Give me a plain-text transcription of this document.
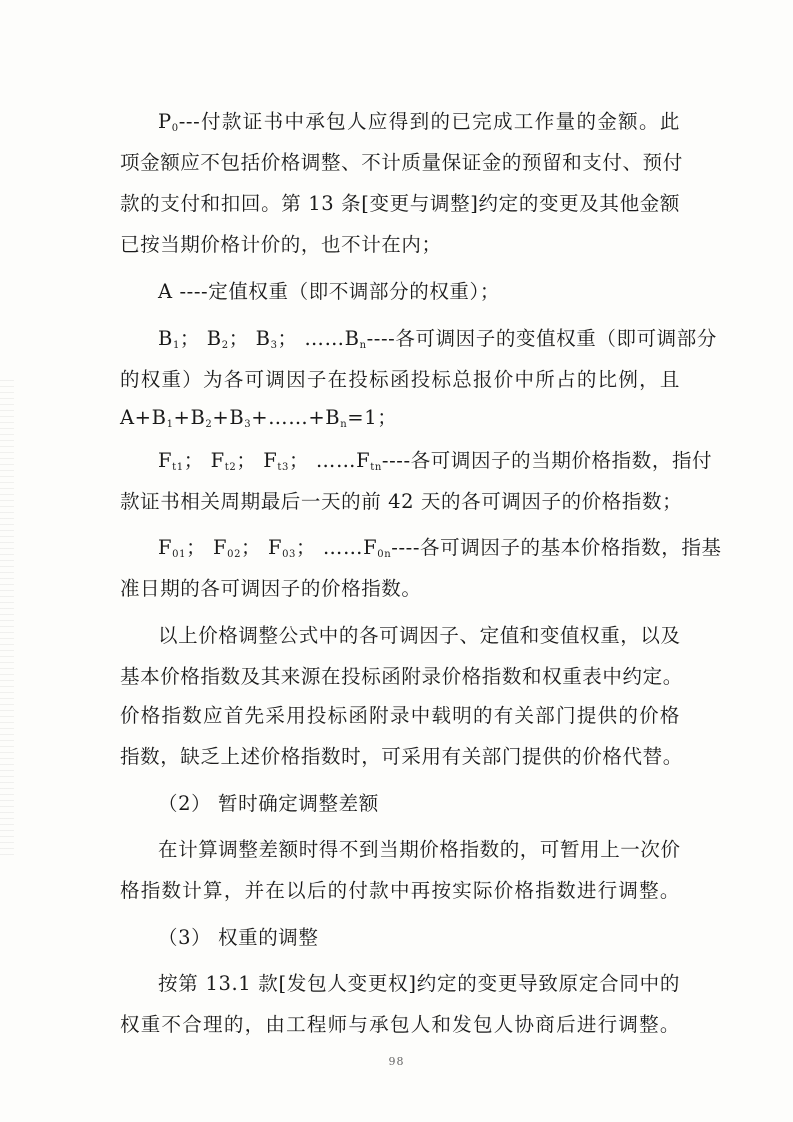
$P_0---$付款证书中承包人应得到的已完成工作量的金额。此
项金额应不包括价格调整、不计质量保证金的预留和支付、预付
款的支付和扣回。第 13 条[变更与调整]约定的变更及其他金额
已按当期价格计价的，也不计在内；
A ----定值权重（即不调部分的权重）；
$B_1$； $B_2$； $B_3$； $\dots\dots B_n----$各可调因子的变值权重（即可调部分
的权重）为各可调因子在投标函投标总报价中所占的比例，且
$A+B_1+B_2+B_3+\dots\dots+B_n=1$；
$F_{t1}$； $F_{t2}$； $F_{t3}$； $\dots\dots F_{tn}----$各可调因子的当期价格指数，指付
款证书相关周期最后一天的前 42 天的各可调因子的价格指数；
$F_{01}$； $F_{02}$； $F_{03}$； $\dots\dots F_{0n}----$各可调因子的基本价格指数，指基
准日期的各可调因子的价格指数。
以上价格调整公式中的各可调因子、定值和变值权重，以及
基本价格指数及其来源在投标函附录价格指数和权重表中约定。
价格指数应首先采用投标函附录中载明的有关部门提供的价格
指数，缺乏上述价格指数时，可采用有关部门提供的价格代替。
（2） 暂时确定调整差额
在计算调整差额时得不到当期价格指数的，可暂用上一次价
格指数计算，并在以后的付款中再按实际价格指数进行调整。
（3） 权重的调整
按第 13.1 款[发包人变更权]约定的变更导致原定合同中的
权重不合理的，由工程师与承包人和发包人协商后进行调整。
98
